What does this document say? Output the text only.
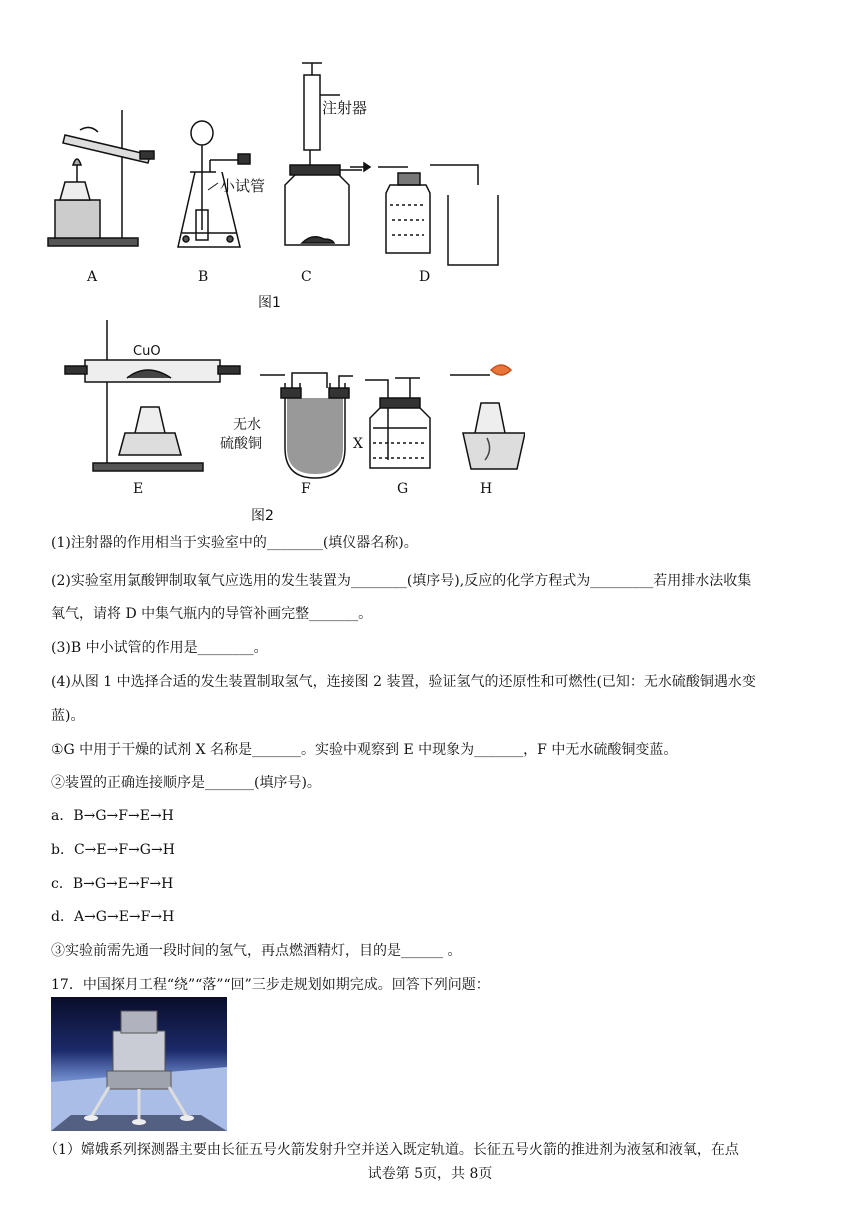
注射器
小试管
A	B	C	D
图1
CuO
无水
硫酸铜	X
E	F	G	H
图2
(1)注射器的作用相当于实验室中的________(填仪器名称)。
(2)实验室用氯酸钾制取氧气应选用的发生装置为________(填序号),反应的化学方程式为_________若用排水法收集
氧气，请将 D 中集气瓶内的导管补画完整_______。
(3)B 中小试管的作用是________。
(4)从图 1 中选择合适的发生装置制取氢气，连接图 2 装置，验证氢气的还原性和可燃性(已知：无水硫酸铜遇水变
蓝)。
①G 中用于干燥的试剂 X 名称是_______。实验中观察到 E 中现象为_______，F 中无水硫酸铜变蓝。
②装置的正确连接顺序是_______(填序号)。
a．B→G→F→E→H
b．C→E→F→G→H
c．B→G→E→F→H
d．A→G→E→F→H
③实验前需先通一段时间的氢气，再点燃酒精灯，目的是______ 。
17．中国探月工程“绕”“落”“回”三步走规划如期完成。回答下列问题：
（1）嫦娥系列探测器主要由长征五号火箭发射升空并送入既定轨道。长征五号火箭的推进剂为液氢和液氧，在点
试卷第 5页，共 8页
